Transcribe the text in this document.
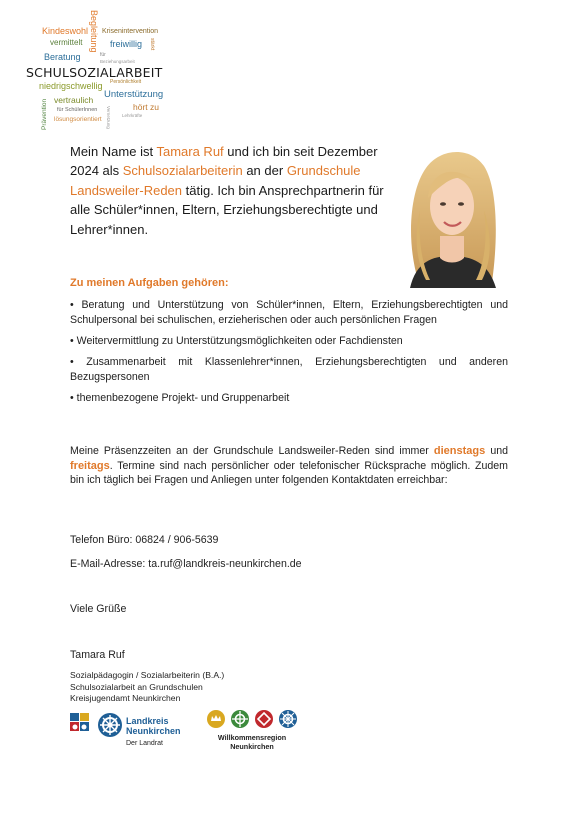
Kindeswohl Begleitung Krisenintervention
vermittelt	freiwillig
Beratung	für
Beziehungsarbeit
stärkt
SCHULSOZIALARBEIT
niedrigschwellig
Prävention
Unterstützung
vertraulich
Persönlichkeit
hört zu
für SchülerInnen
Lehrkräfte
lösungsorientiert Vernetzung
Mein Name ist Tamara Ruf und ich bin seit Dezember 2024 als Schulsozialarbeiterin an der Grundschule Landsweiler-Reden tätig. Ich bin Ansprechpartnerin für alle Schüler*innen, Eltern, Erziehungsberechtigte und Lehrer*innen.
Zu meinen Aufgaben gehören:
• Beratung und Unterstützung von Schüler*innen, Eltern, Erziehungsberechtigten und Schulpersonal bei schulischen, erzieherischen oder auch persönlichen Fragen
• Weitervermittlung zu Unterstützungsmöglichkeiten oder Fachdiensten
• Zusammenarbeit mit Klassenlehrer*innen, Erziehungsberechtigten und anderen Bezugspersonen
• themenbezogene Projekt- und Gruppenarbeit
Meine Präsenzzeiten an der Grundschule Landsweiler-Reden sind immer dienstags und freitags. Termine sind nach persönlicher oder telefonischer Rücksprache möglich. Zudem bin ich täglich bei Fragen und Anliegen unter folgenden Kontaktdaten erreichbar:
Telefon Büro: 06824 / 906-5639
E-Mail-Adresse: ta.ruf@landkreis-neunkirchen.de
Viele Grüße
Tamara Ruf
Sozialpädagogin / Sozialarbeiterin (B.A.)
Schulsozialarbeit an Grundschulen
Kreisjugendamt Neunkirchen
Landkreis
Neunkirchen
Der Landrat
Willkommensregion
Neunkirchen
